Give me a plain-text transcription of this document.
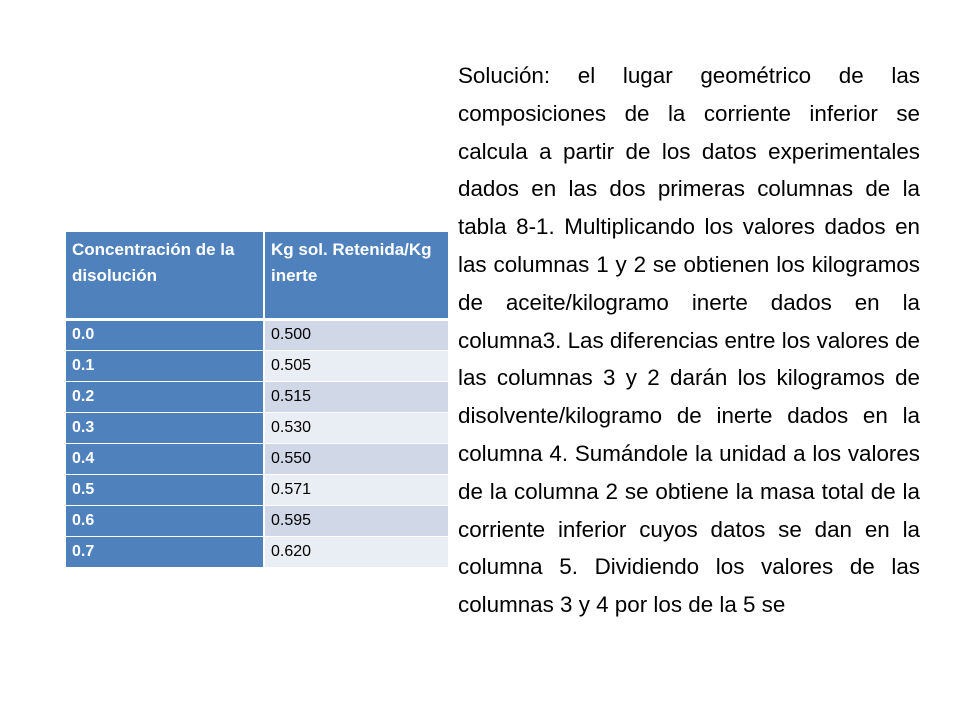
Concentración de la disolución	Kg sol. Retenida/Kg inerte
0.0	0.500
0.1	0.505
0.2	0.515
0.3	0.530
0.4	0.550
0.5	0.571
0.6	0.595
0.7	0.620

Solución: el lugar geométrico de las composiciones de la corriente inferior se calcula a partir de los datos experimentales dados en las dos primeras columnas de la tabla 8-1. Multiplicando los valores dados en las columnas 1 y 2 se obtienen los kilogramos de aceite/kilogramo inerte dados en la columna3. Las diferencias entre los valores de las columnas 3 y 2 darán los kilogramos de disolvente/kilogramo de inerte dados en la columna 4. Sumándole la unidad a los valores de la columna 2 se obtiene la masa total de la corriente inferior cuyos datos se dan en la columna 5. Dividiendo los valores de las columnas 3 y 4 por los de la 5 se
